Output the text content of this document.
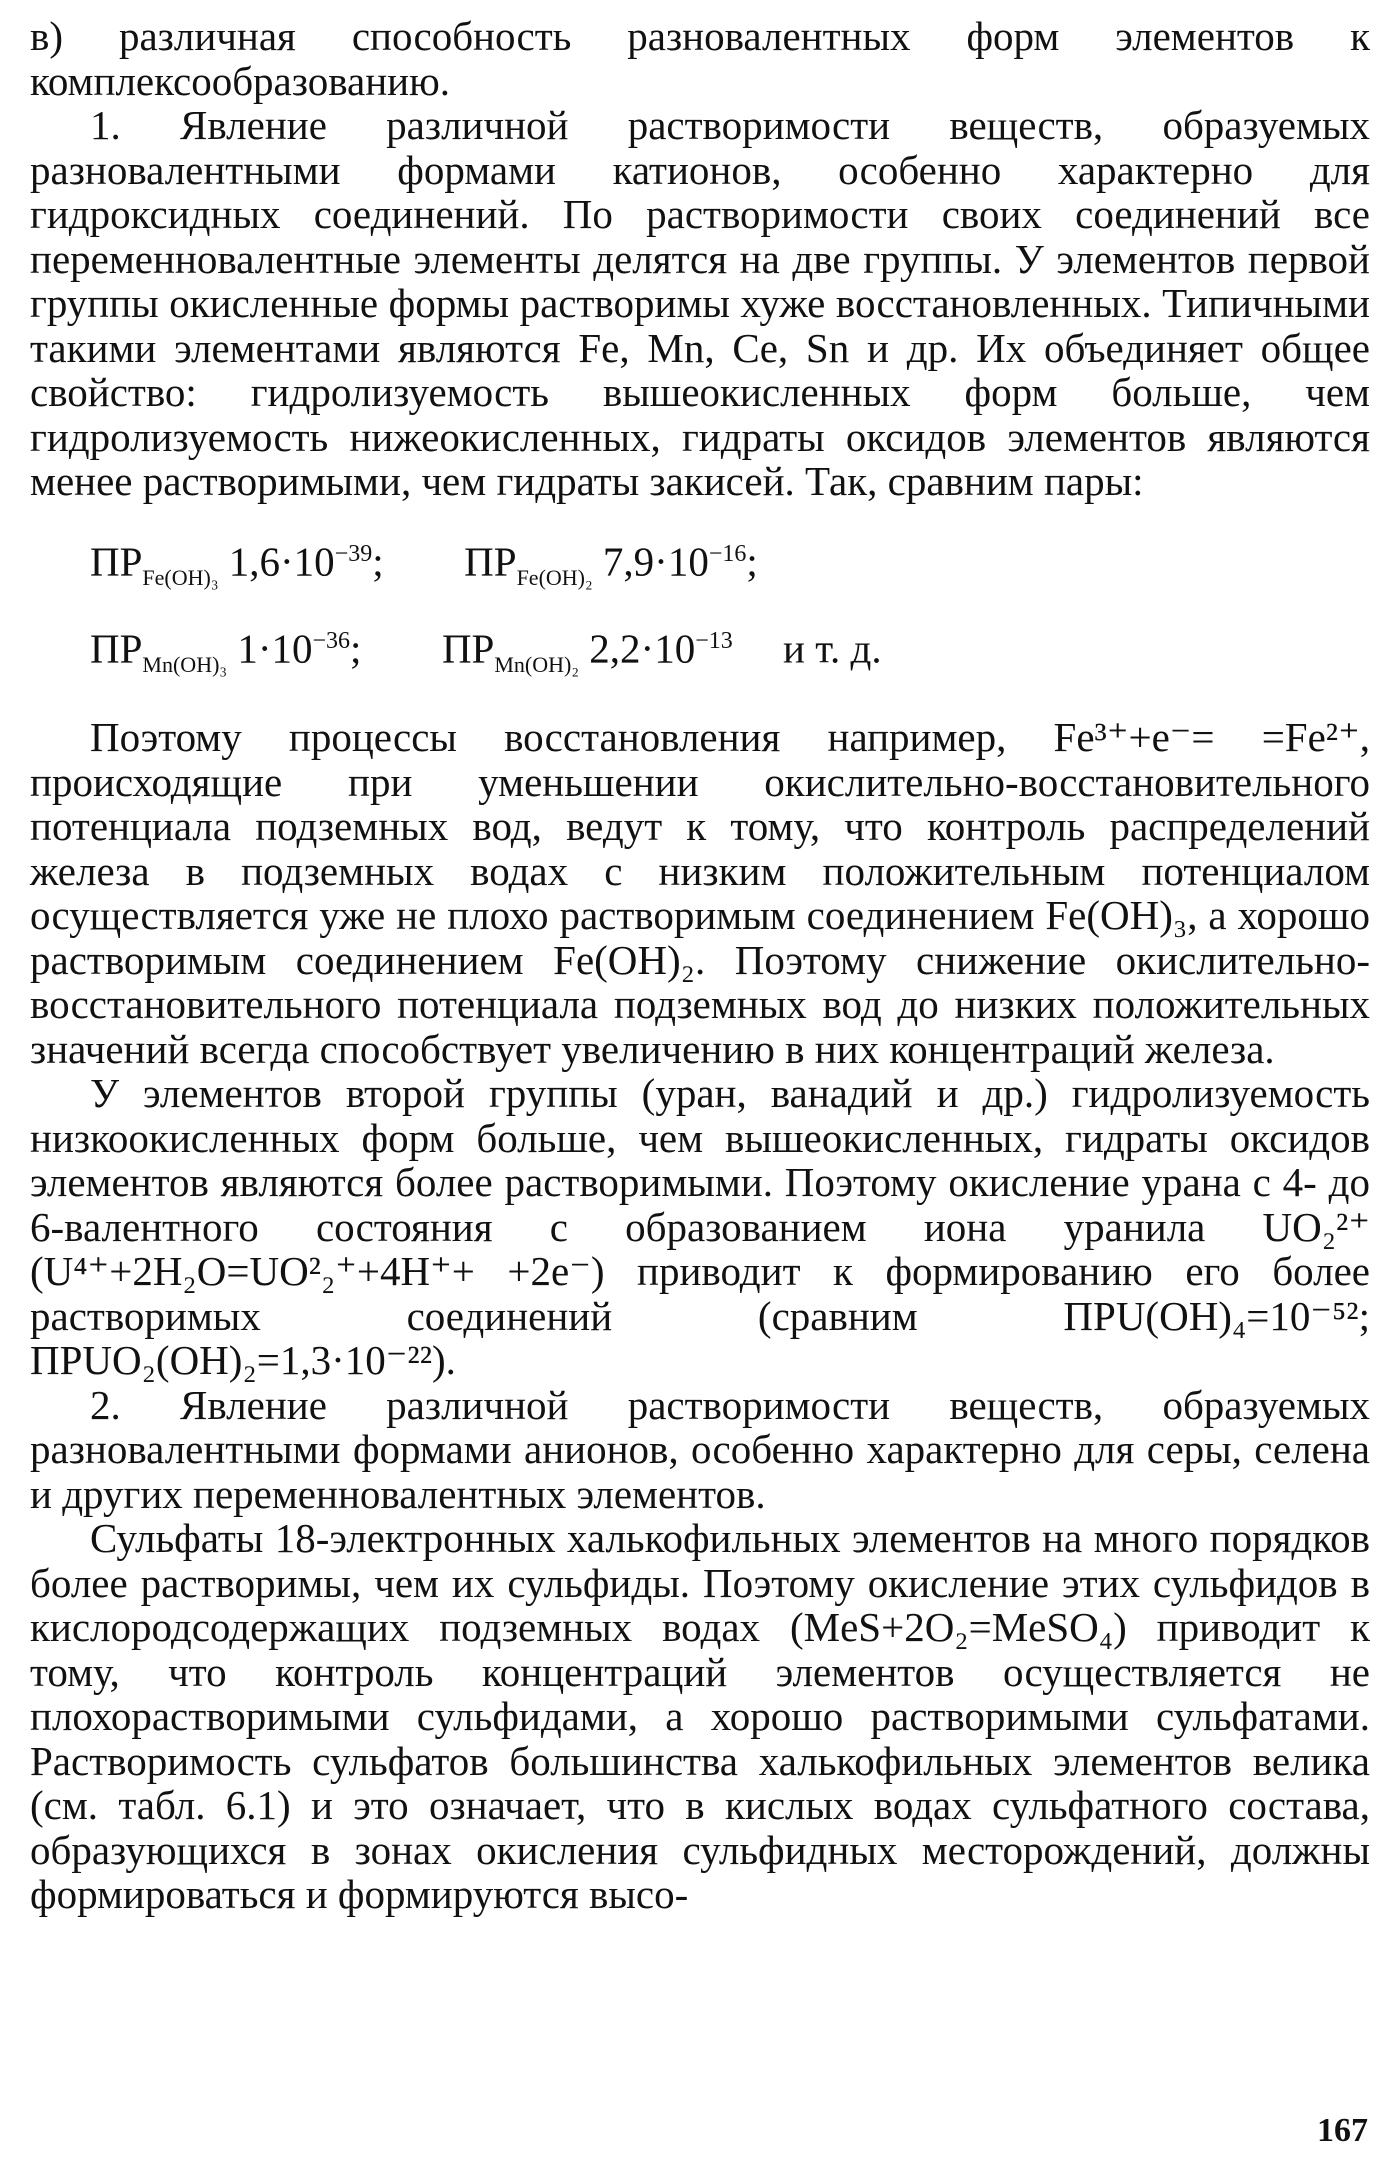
в) различная способность разновалентных форм элементов к комплексообразованию.

1. Явление различной растворимости веществ, образуемых разновалентными формами катионов, особенно характерно для гидроксидных соединений. По растворимости своих соединений все переменновалентные элементы делятся на две группы. У элементов первой группы окисленные формы растворимы хуже восстановленных. Типичными такими элементами являются Fe, Mn, Ce, Sn и др. Их объединяет общее свойство: гидролизуемость вышеокисленных форм больше, чем гидролизуемость нижеокисленных, гидраты оксидов элементов являются менее растворимыми, чем гидраты закисей. Так, сравним пары:

$ПР_{Fe(OH)_3}$ $1,6\cdot 10^{-39}$; $ПР_{Fe(OH)_2}$ $7,9\cdot 10^{-16}$;

$ПР_{Mn(OH)_3}$ $1\cdot 10^{-36}$; $ПР_{Mn(OH)_2}$ $2,2\cdot 10^{-13}$ и т. д.

Поэтому процессы восстановления например, Fe³⁺+e⁻= =Fe²⁺, происходящие при уменьшении окислительно-восстановительного потенциала подземных вод, ведут к тому, что контроль распределений железа в подземных водах с низким положительным потенциалом осуществляется уже не плохо растворимым соединением Fe(OH)₃, а хорошо растворимым соединением Fe(OH)₂. Поэтому снижение окислительно-восстановительного потенциала подземных вод до низких положительных значений всегда способствует увеличению в них концентраций железа.

У элементов второй группы (уран, ванадий и др.) гидролизуемость низкоокисленных форм больше, чем вышеокисленных, гидраты оксидов элементов являются более растворимыми. Поэтому окисление урана с 4- до 6-валентного состояния с образованием иона уранила UO₂²⁺ (U⁴⁺+2H₂O=UO²₂⁺+4H⁺+ +2e⁻) приводит к формированию его более растворимых соединений (сравним ПРU(OH)₄=10⁻⁵²; ПРUO₂(OH)₂=1,3·10⁻²²).

2. Явление различной растворимости веществ, образуемых разновалентными формами анионов, особенно характерно для серы, селена и других переменновалентных элементов.

Сульфаты 18-электронных халькофильных элементов на много порядков более растворимы, чем их сульфиды. Поэтому окисление этих сульфидов в кислородсодержащих подземных водах (MeS+2O₂=MeSO₄) приводит к тому, что контроль концентраций элементов осуществляется не плохорастворимыми сульфидами, а хорошо растворимыми сульфатами. Растворимость сульфатов большинства халькофильных элементов велика (см. табл. 6.1) и это означает, что в кислых водах сульфатного состава, образующихся в зонах окисления сульфидных месторождений, должны формироваться и формируются высо-

167
